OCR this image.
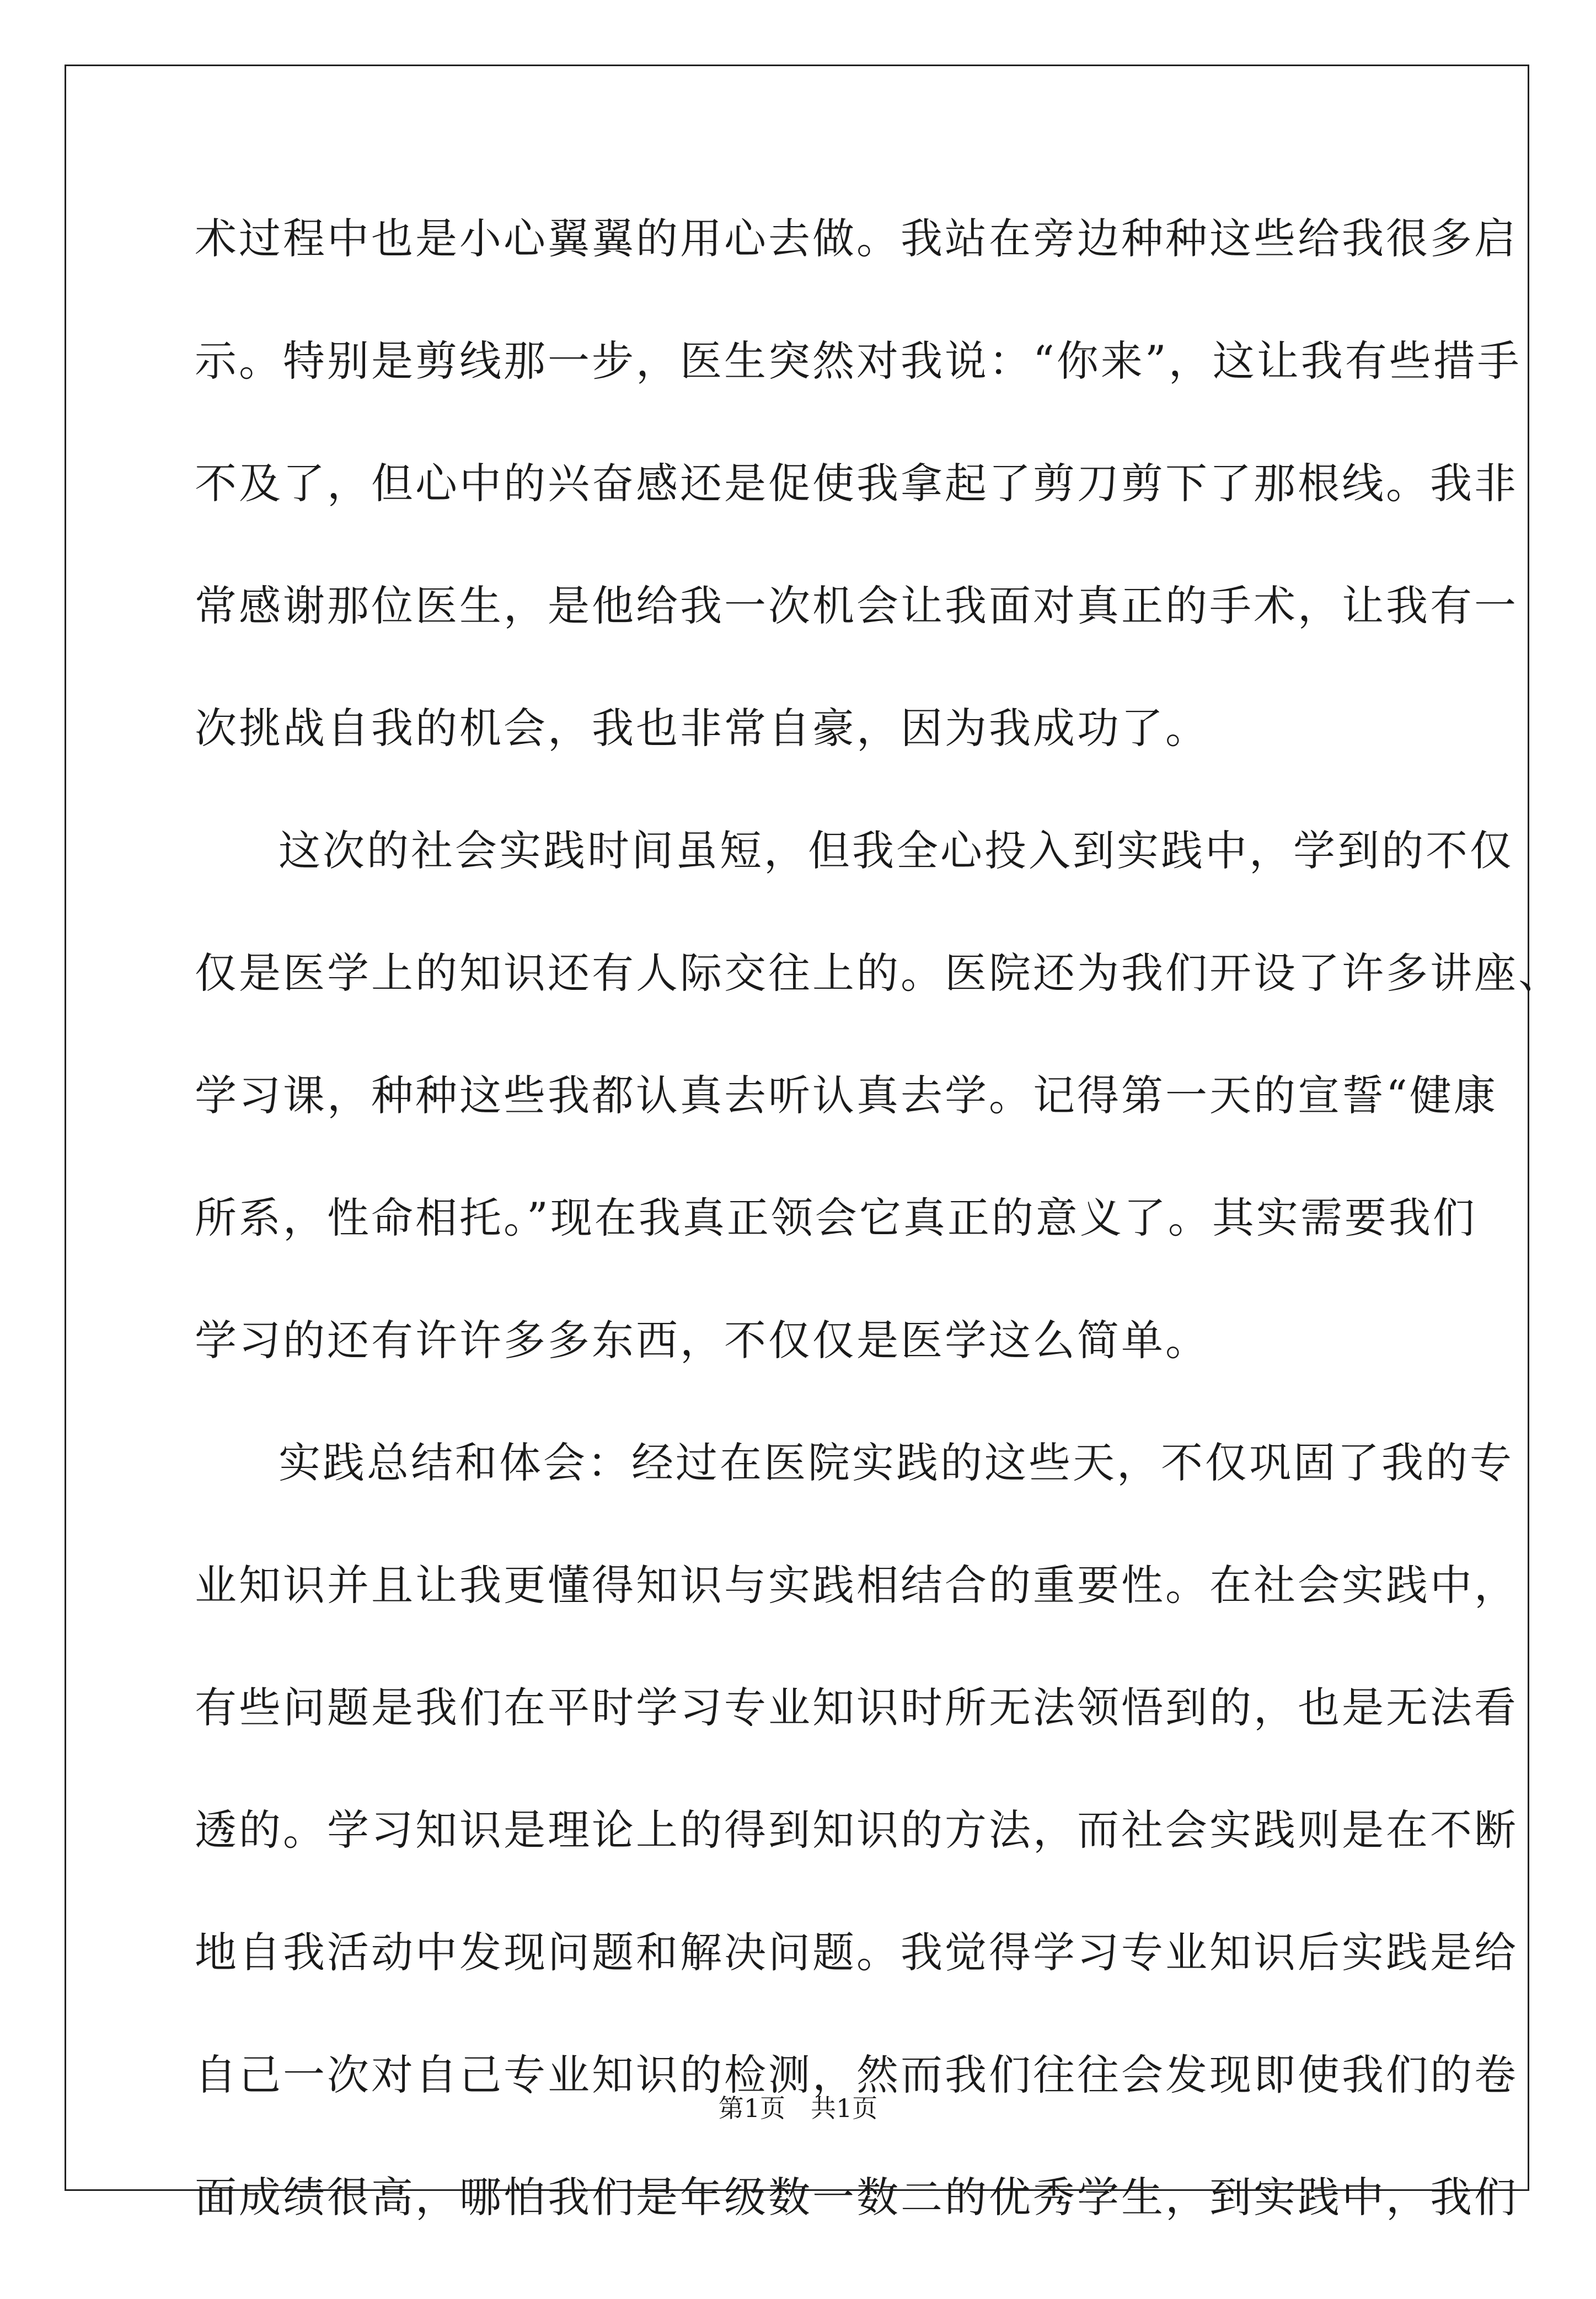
术过程中也是小心翼翼的用心去做。我站在旁边种种这些给我很多启
示。特别是剪线那一步，医生突然对我说：“你来”，这让我有些措手
不及了，但心中的兴奋感还是促使我拿起了剪刀剪下了那根线。我非
常感谢那位医生，是他给我一次机会让我面对真正的手术，让我有一
次挑战自我的机会，我也非常自豪，因为我成功了。
这次的社会实践时间虽短，但我全心投入到实践中，学到的不仅
仅是医学上的知识还有人际交往上的。医院还为我们开设了许多讲座、
学习课，种种这些我都认真去听认真去学。记得第一天的宣誓“健康
所系，性命相托。”现在我真正领会它真正的意义了。其实需要我们
学习的还有许许多多东西，不仅仅是医学这么简单。
实践总结和体会：经过在医院实践的这些天，不仅巩固了我的专
业知识并且让我更懂得知识与实践相结合的重要性。在社会实践中，
有些问题是我们在平时学习专业知识时所无法领悟到的，也是无法看
透的。学习知识是理论上的得到知识的方法，而社会实践则是在不断
地自我活动中发现问题和解决问题。我觉得学习专业知识后实践是给
自己一次对自己专业知识的检测，然而我们往往会发现即使我们的卷
面成绩很高，哪怕我们是年级数一数二的优秀学生，到实践中，我们
第1页　共1页
